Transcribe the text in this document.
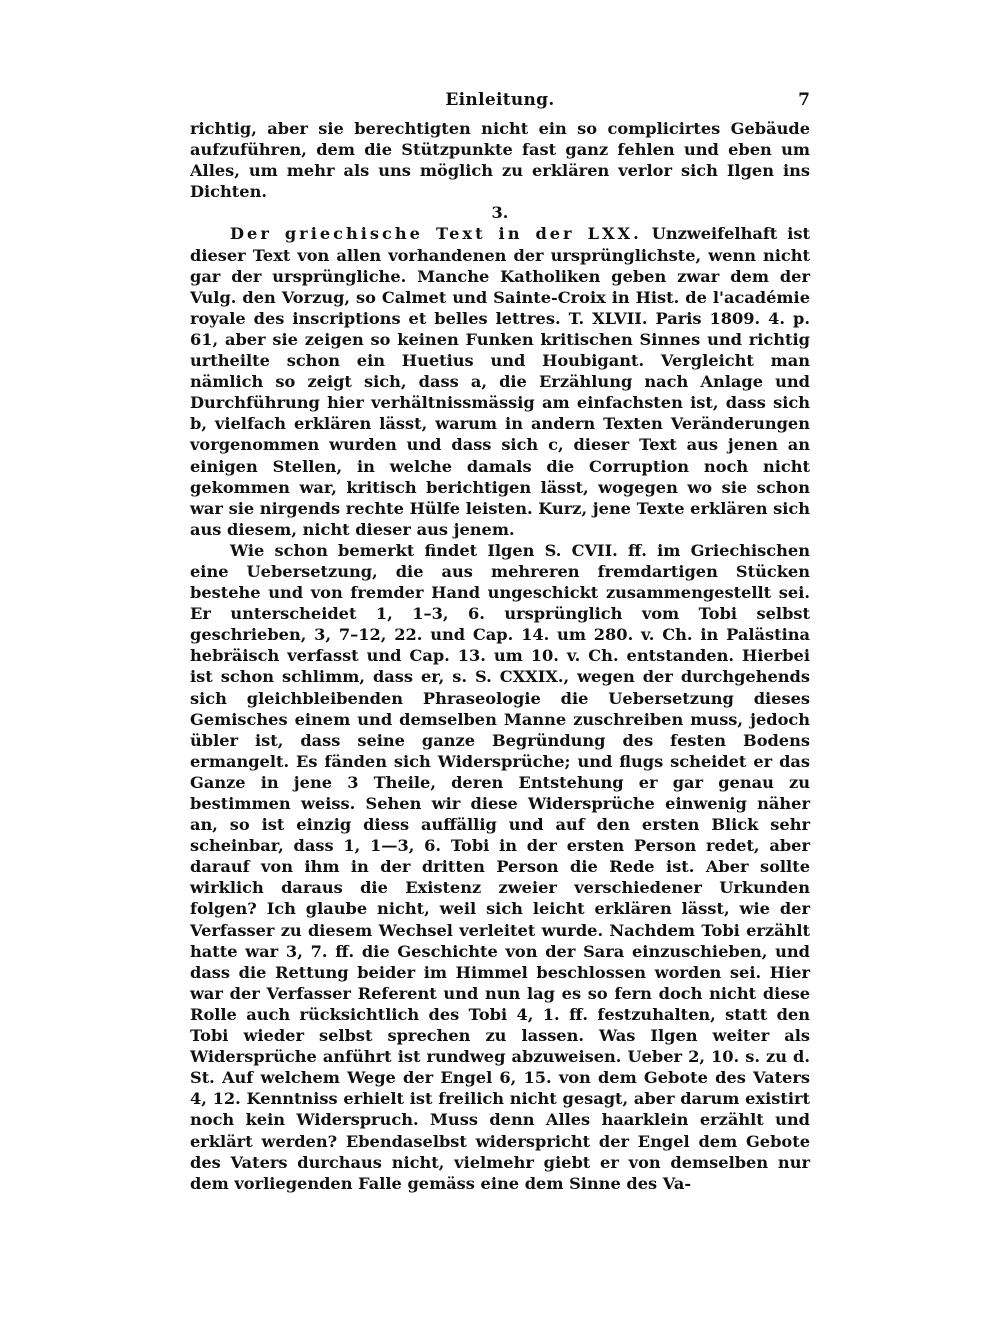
Einleitung.	7

richtig, aber sie berechtigten nicht ein so complicirtes Gebäude aufzuführen, dem die Stützpunkte fast ganz fehlen und eben um Alles, um mehr als uns möglich zu erklären verlor sich Ilgen ins Dichten.

3.

Der griechische Text in der LXX. Unzweifelhaft ist dieser Text von allen vorhandenen der ursprünglichste, wenn nicht gar der ursprüngliche. Manche Katholiken geben zwar dem der Vulg. den Vorzug, so Calmet und Sainte-Croix in Hist. de l'académie royale des inscriptions et belles lettres. T. XLVII. Paris 1809. 4. p. 61, aber sie zeigen so keinen Funken kritischen Sinnes und richtig urtheilte schon ein Huetius und Houbigant. Vergleicht man nämlich so zeigt sich, dass a, die Erzählung nach Anlage und Durchführung hier verhältnissmässig am einfachsten ist, dass sich b, vielfach erklären lässt, warum in andern Texten Veränderungen vorgenommen wurden und dass sich c, dieser Text aus jenen an einigen Stellen, in welche damals die Corruption noch nicht gekommen war, kritisch berichtigen lässt, wogegen wo sie schon war sie nirgends rechte Hülfe leisten. Kurz, jene Texte erklären sich aus diesem, nicht dieser aus jenem.

Wie schon bemerkt findet Ilgen S. CVII. ff. im Griechischen eine Uebersetzung, die aus mehreren fremdartigen Stücken bestehe und von fremder Hand ungeschickt zusammengestellt sei. Er unterscheidet 1, 1–3, 6. ursprünglich vom Tobi selbst geschrieben, 3, 7–12, 22. und Cap. 14. um 280. v. Ch. in Palästina hebräisch verfasst und Cap. 13. um 10. v. Ch. entstanden. Hierbei ist schon schlimm, dass er, s. S. CXXIX., wegen der durchgehends sich gleichbleibenden Phraseologie die Uebersetzung dieses Gemisches einem und demselben Manne zuschreiben muss, jedoch übler ist, dass seine ganze Begründung des festen Bodens ermangelt. Es fänden sich Widersprüche; und flugs scheidet er das Ganze in jene 3 Theile, deren Entstehung er gar genau zu bestimmen weiss. Sehen wir diese Widersprüche einwenig näher an, so ist einzig diess auffällig und auf den ersten Blick sehr scheinbar, dass 1, 1—3, 6. Tobi in der ersten Person redet, aber darauf von ihm in der dritten Person die Rede ist. Aber sollte wirklich daraus die Existenz zweier verschiedener Urkunden folgen? Ich glaube nicht, weil sich leicht erklären lässt, wie der Verfasser zu diesem Wechsel verleitet wurde. Nachdem Tobi erzählt hatte war 3, 7. ff. die Geschichte von der Sara einzuschieben, und dass die Rettung beider im Himmel beschlossen worden sei. Hier war der Verfasser Referent und nun lag es so fern doch nicht diese Rolle auch rücksichtlich des Tobi 4, 1. ff. festzuhalten, statt den Tobi wieder selbst sprechen zu lassen. Was Ilgen weiter als Widersprüche anführt ist rundweg abzuweisen. Ueber 2, 10. s. zu d. St. Auf welchem Wege der Engel 6, 15. von dem Gebote des Vaters 4, 12. Kenntniss erhielt ist freilich nicht gesagt, aber darum existirt noch kein Widerspruch. Muss denn Alles haarklein erzählt und erklärt werden? Ebendaselbst widerspricht der Engel dem Gebote des Vaters durchaus nicht, vielmehr giebt er von demselben nur dem vorliegenden Falle gemäss eine dem Sinne des Va-
